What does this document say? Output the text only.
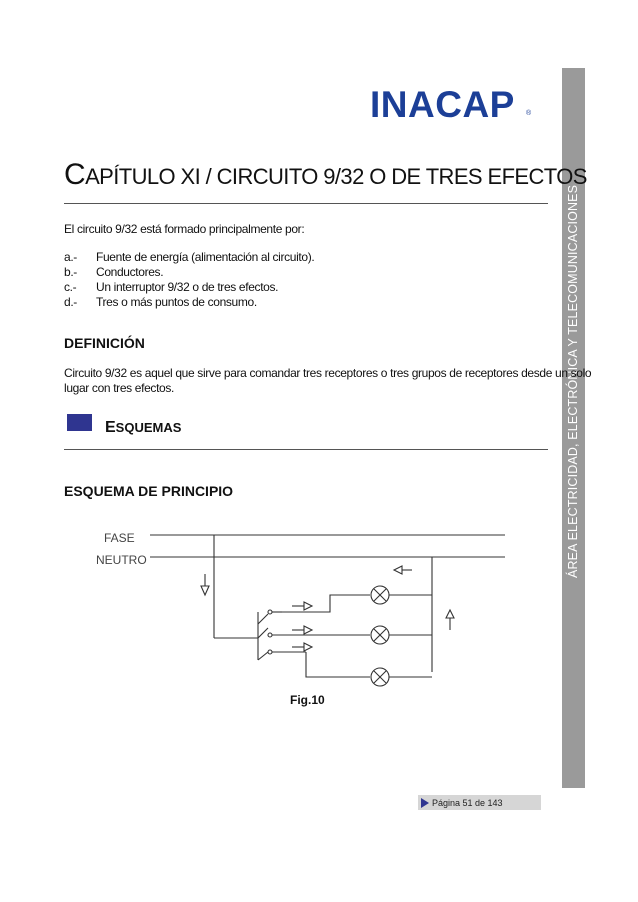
ÁREA ELECTRICIDAD, ELECTRÓNICA Y TELECOMUNICACIONES
INACAP ®
CAPÍTULO XI / CIRCUITO 9/32 O DE TRES EFECTOS
El circuito 9/32 está formado principalmente por:
a.- Fuente de energía (alimentación al circuito).
b.- Conductores.
c.- Un interruptor 9/32 o de tres efectos.
d.- Tres o más puntos de consumo.
DEFINICIÓN
Circuito 9/32 es aquel que sirve para comandar tres receptores o tres grupos de receptores desde un solo
lugar con tres efectos.
ESQUEMAS
ESQUEMA DE PRINCIPIO
FASE
NEUTRO
Fig.10
Página 51 de 143
